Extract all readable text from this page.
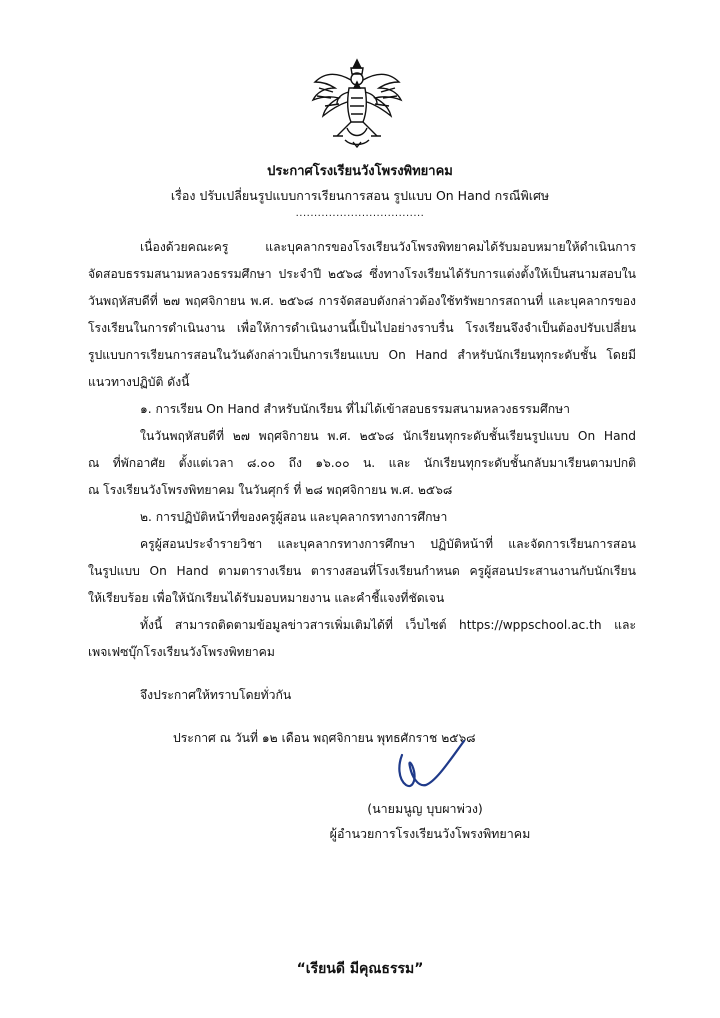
ประกาศโรงเรียนวังโพรงพิทยาคม
เรื่อง ปรับเปลี่ยนรูปแบบการเรียนการสอน รูปแบบ On Hand กรณีพิเศษ
...................................

เนื่องด้วยคณะครู และบุคลากรของโรงเรียนวังโพรงพิทยาคมได้รับมอบหมายให้ดำเนินการ

จัดสอบธรรมสนามหลวงธรรมศึกษา ประจำปี ๒๕๖๘ ซึ่งทางโรงเรียนได้รับการแต่งตั้งให้เป็นสนามสอบใน

วันพฤหัสบดีที่ ๒๗ พฤศจิกายน พ.ศ. ๒๕๖๘ การจัดสอบดังกล่าวต้องใช้ทรัพยากรสถานที่ และบุคลากรของ

โรงเรียนในการดำเนินงาน เพื่อให้การดำเนินงานนี้เป็นไปอย่างราบรื่น โรงเรียนจึงจำเป็นต้องปรับเปลี่ยน

รูปแบบการเรียนการสอนในวันดังกล่าวเป็นการเรียนแบบ On Hand สำหรับนักเรียนทุกระดับชั้น โดยมี

แนวทางปฏิบัติ ดังนี้

๑. การเรียน On Hand สำหรับนักเรียน ที่ไม่ได้เข้าสอบธรรมสนามหลวงธรรมศึกษา

ในวันพฤหัสบดีที่ ๒๗ พฤศจิกายน พ.ศ. ๒๕๖๘ นักเรียนทุกระดับชั้นเรียนรูปแบบ On Hand

ณ ที่พักอาศัย ตั้งแต่เวลา ๘.๐๐ ถึง ๑๖.๐๐ น. และ นักเรียนทุกระดับชั้นกลับมาเรียนตามปกติ

ณ โรงเรียนวังโพรงพิทยาคม ในวันศุกร์ ที่ ๒๘ พฤศจิกายน พ.ศ. ๒๕๖๘

๒. การปฏิบัติหน้าที่ของครูผู้สอน และบุคลากรทางการศึกษา

ครูผู้สอนประจำรายวิชา และบุคลากรทางการศึกษา ปฏิบัติหน้าที่ และจัดการเรียนการสอน

ในรูปแบบ On Hand ตามตารางเรียน ตารางสอนที่โรงเรียนกำหนด ครูผู้สอนประสานงานกับนักเรียน

ให้เรียบร้อย เพื่อให้นักเรียนได้รับมอบหมายงาน และคำชี้แจงที่ชัดเจน

ทั้งนี้ สามารถติดตามข้อมูลข่าวสารเพิ่มเติมได้ที่ เว็บไซต์ https://wppschool.ac.th และ

เพจเฟซบุ๊กโรงเรียนวังโพรงพิทยาคม

จึงประกาศให้ทราบโดยทั่วกัน

ประกาศ ณ วันที่ ๑๒ เดือน พฤศจิกายน พุทธศักราช ๒๕๖๘

(นายมนูญ บุบผาพ่วง)
ผู้อำนวยการโรงเรียนวังโพรงพิทยาคม
“เรียนดี มีคุณธรรม”
